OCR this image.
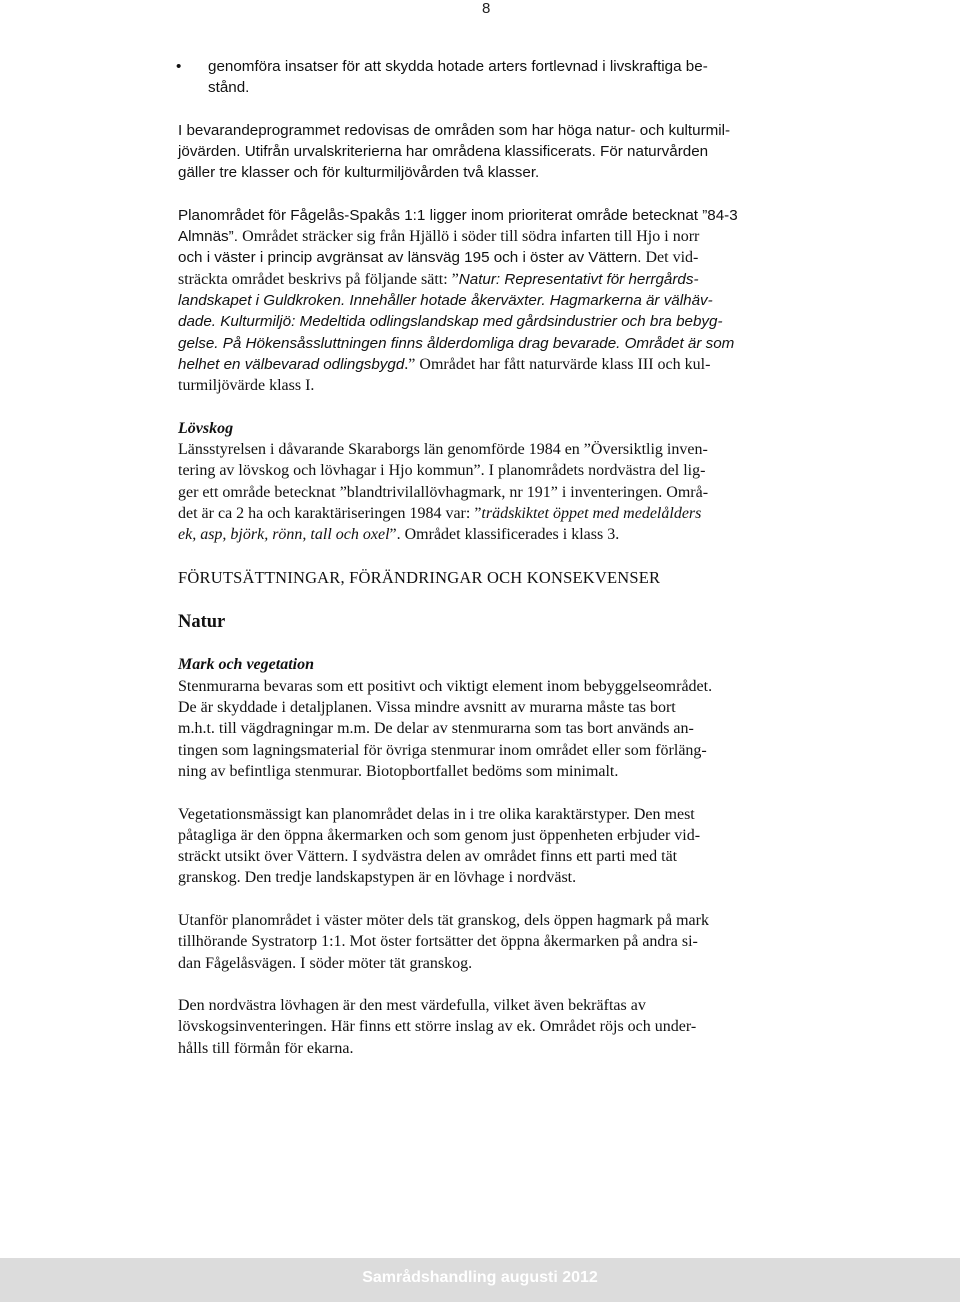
8
• genomföra insatser för att skydda hotade arters fortlevnad i livskraftiga be-

stånd.

I bevarandeprogrammet redovisas de områden som har höga natur- och kulturmil-

jövärden. Utifrån urvalskriterierna har områdena klassificerats. För naturvården

gäller tre klasser och för kulturmiljövården två klasser.

Planområdet för Fågelås-Spakås 1:1 ligger inom prioriterat område betecknat ”84-3

Almnäs”. Området sträcker sig från Hjällö i söder till södra infarten till Hjo i norr

och i väster i princip avgränsat av länsväg 195 och i öster av Vättern. Det vid-

sträckta området beskrivs på följande sätt: ”Natur: Representativt för herrgårds-

landskapet i Guldkroken. Innehåller hotade åkerväxter. Hagmarkerna är välhäv-

dade. Kulturmiljö: Medeltida odlingslandskap med gårdsindustrier och bra bebyg-

gelse. På Hökensåssluttningen finns ålderdomliga drag bevarade. Området är som

helhet en välbevarad odlingsbygd.” Området har fått naturvärde klass III och kul-

turmiljövärde klass I.

Lövskog

Länsstyrelsen i dåvarande Skaraborgs län genomförde 1984 en ”Översiktlig inven-

tering av lövskog och lövhagar i Hjo kommun”. I planområdets nordvästra del lig-

ger ett område betecknat ”blandtrivilallövhagmark, nr 191” i inventeringen. Områ-

det är ca 2 ha och karaktäriseringen 1984 var: ”trädskiktet öppet med medelålders

ek, asp, björk, rönn, tall och oxel”. Området klassificerades i klass 3.

FÖRUTSÄTTNINGAR, FÖRÄNDRINGAR OCH KONSEKVENSER

Natur

Mark och vegetation

Stenmurarna bevaras som ett positivt och viktigt element inom bebyggelseområdet.

De är skyddade i detaljplanen. Vissa mindre avsnitt av murarna måste tas bort

m.h.t. till vägdragningar m.m. De delar av stenmurarna som tas bort används an-

tingen som lagningsmaterial för övriga stenmurar inom området eller som förläng-

ning av befintliga stenmurar. Biotopbortfallet bedöms som minimalt.

Vegetationsmässigt kan planområdet delas in i tre olika karaktärstyper. Den mest

påtagliga är den öppna åkermarken och som genom just öppenheten erbjuder vid-

sträckt utsikt över Vättern. I sydvästra delen av området finns ett parti med tät

granskog. Den tredje landskapstypen är en lövhage i nordväst.

Utanför planområdet i väster möter dels tät granskog, dels öppen hagmark på mark

tillhörande Systratorp 1:1. Mot öster fortsätter det öppna åkermarken på andra si-

dan Fågelåsvägen. I söder möter tät granskog.

Den nordvästra lövhagen är den mest värdefulla, vilket även bekräftas av

lövskogsinventeringen. Här finns ett större inslag av ek. Området röjs och under-

hålls till förmån för ekarna.

Samrådshandling augusti 2012
